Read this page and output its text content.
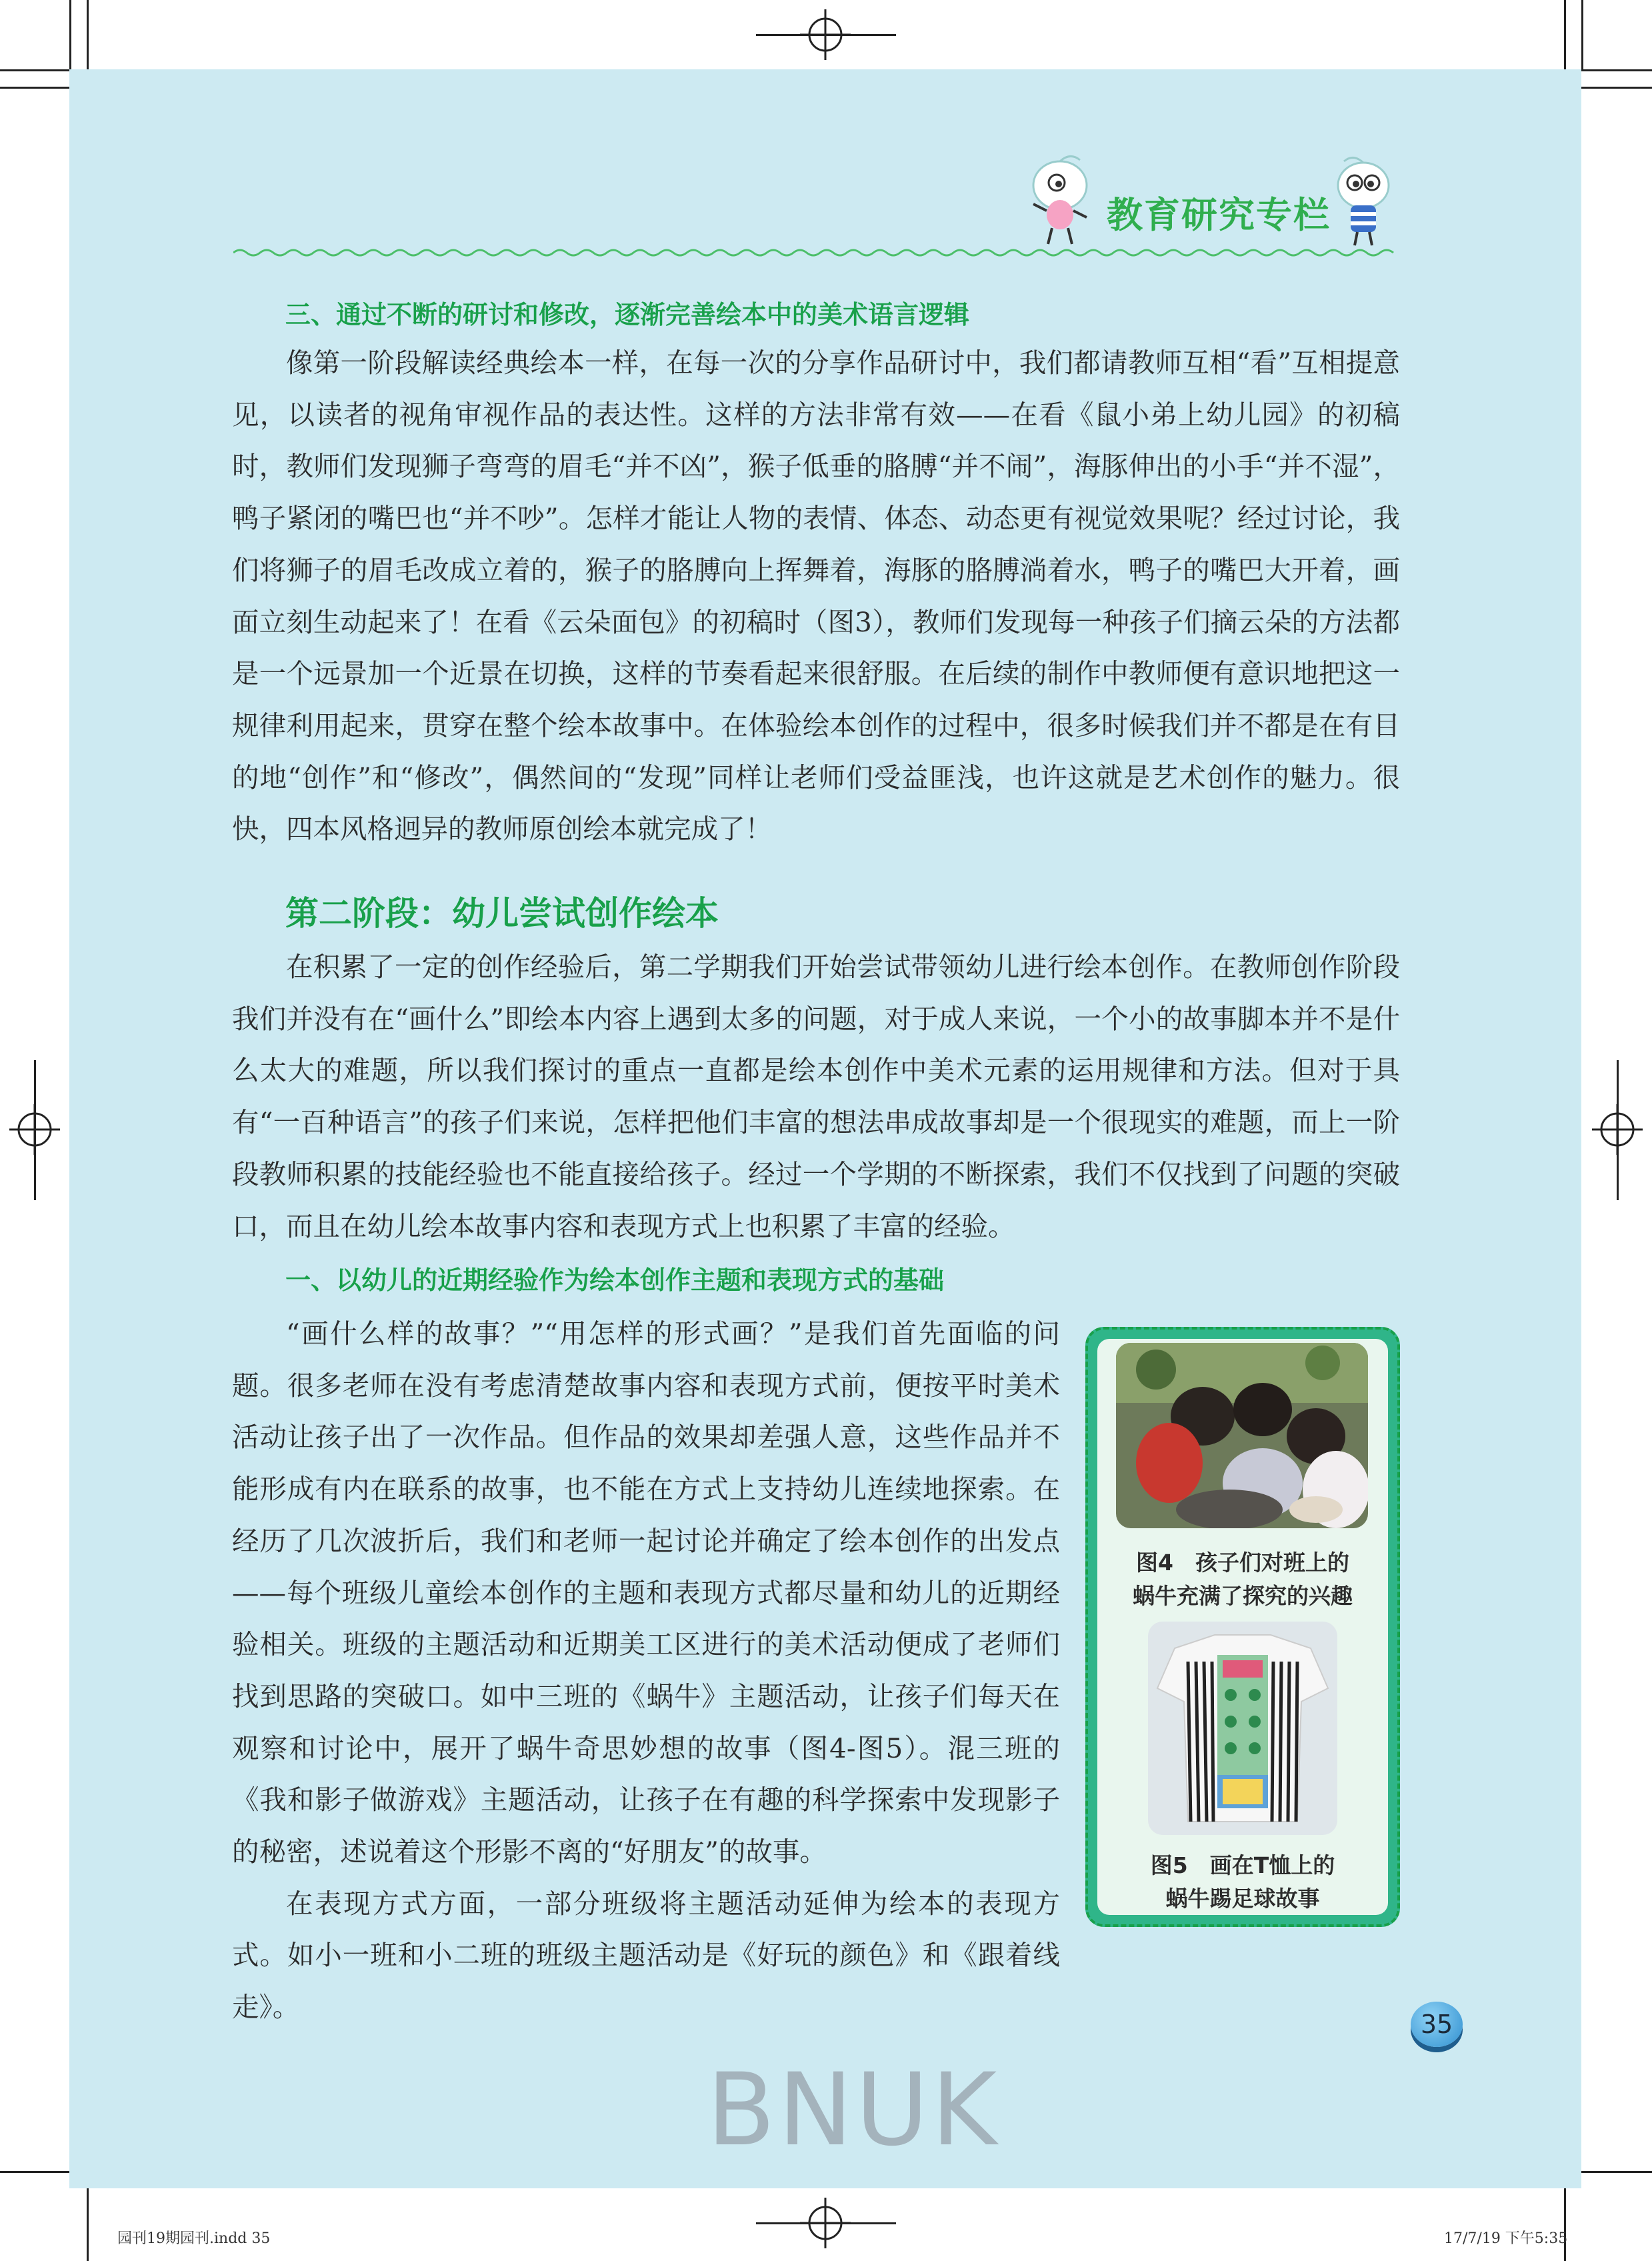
教育研究专栏
三、通过不断的研讨和修改，逐渐完善绘本中的美术语言逻辑

像第一阶段解读经典绘本一样，在每一次的分享作品研讨中，我们都请教师互相“看”互相提意见，以读者的视角审视作品的表达性。这样的方法非常有效——在看《鼠小弟上幼儿园》的初稿时，教师们发现狮子弯弯的眉毛“并不凶”，猴子低垂的胳膊“并不闹”，海豚伸出的小手“并不湿”，鸭子紧闭的嘴巴也“并不吵”。怎样才能让人物的表情、体态、动态更有视觉效果呢？经过讨论，我们将狮子的眉毛改成立着的，猴子的胳膊向上挥舞着，海豚的胳膊淌着水，鸭子的嘴巴大开着，画面立刻生动起来了！在看《云朵面包》的初稿时（图3），教师们发现每一种孩子们摘云朵的方法都是一个远景加一个近景在切换，这样的节奏看起来很舒服。在后续的制作中教师便有意识地把这一规律利用起来，贯穿在整个绘本故事中。在体验绘本创作的过程中，很多时候我们并不都是在有目的地“创作”和“修改”，偶然间的“发现”同样让老师们受益匪浅，也许这就是艺术创作的魅力。很快，四本风格迥异的教师原创绘本就完成了！

第二阶段：幼儿尝试创作绘本

在积累了一定的创作经验后，第二学期我们开始尝试带领幼儿进行绘本创作。在教师创作阶段我们并没有在“画什么”即绘本内容上遇到太多的问题，对于成人来说，一个小的故事脚本并不是什么太大的难题，所以我们探讨的重点一直都是绘本创作中美术元素的运用规律和方法。但对于具有“一百种语言”的孩子们来说，怎样把他们丰富的想法串成故事却是一个很现实的难题，而上一阶段教师积累的技能经验也不能直接给孩子。经过一个学期的不断探索，我们不仅找到了问题的突破口，而且在幼儿绘本故事内容和表现方式上也积累了丰富的经验。

一、以幼儿的近期经验作为绘本创作主题和表现方式的基础

“画什么样的故事？”“用怎样的形式画？”是我们首先面临的问题。很多老师在没有考虑清楚故事内容和表现方式前，便按平时美术活动让孩子出了一次作品。但作品的效果却差强人意，这些作品并不能形成有内在联系的故事，也不能在方式上支持幼儿连续地探索。在经历了几次波折后，我们和老师一起讨论并确定了绘本创作的出发点——每个班级儿童绘本创作的主题和表现方式都尽量和幼儿的近期经验相关。班级的主题活动和近期美工区进行的美术活动便成了老师们找到思路的突破口。如中三班的《蜗牛》主题活动，让孩子们每天在观察和讨论中，展开了蜗牛奇思妙想的故事（图4-图5）。混三班的《我和影子做游戏》主题活动，让孩子在有趣的科学探索中发现影子的秘密，述说着这个形影不离的“好朋友”的故事。

在表现方式方面，一部分班级将主题活动延伸为绘本的表现方式。如小一班和小二班的班级主题活动是《好玩的颜色》和《跟着线走》。

图4　孩子们对班上的
蜗牛充满了探究的兴趣
图5　画在T恤上的
蜗牛踢足球故事
35
BNUK
园刊19期园刊.indd 35	17/7/19 下午5:35
